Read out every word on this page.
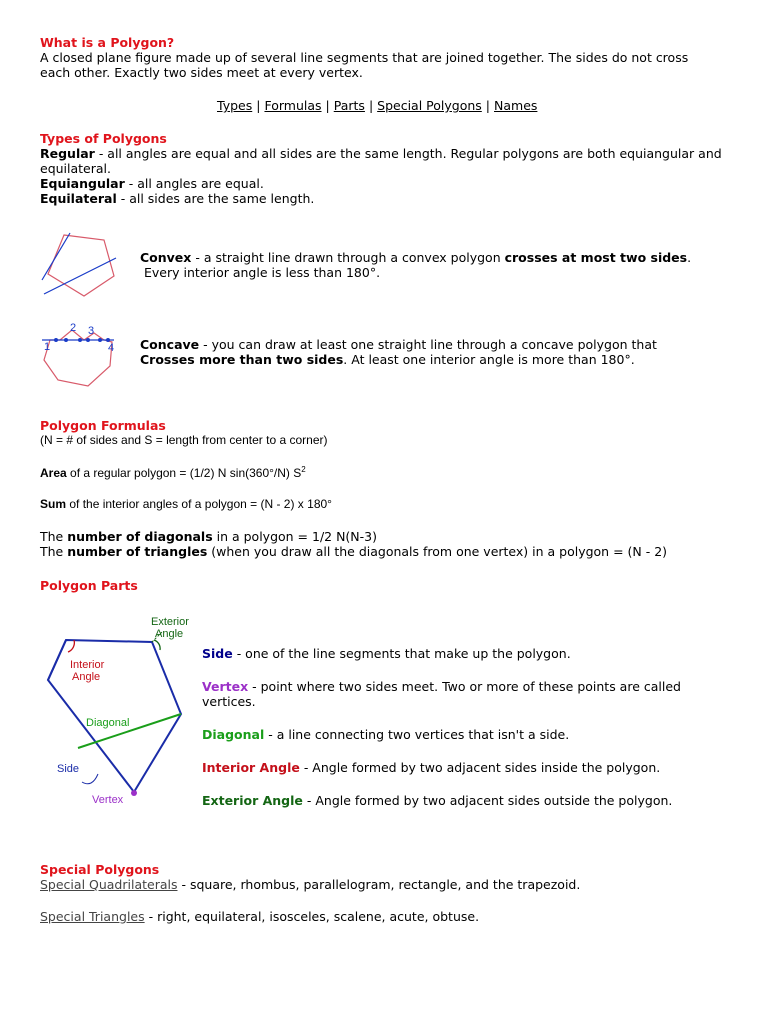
What is a Polygon?
A closed plane figure made up of several line segments that are joined together. The sides do not cross
each other. Exactly two sides meet at every vertex.
Types | Formulas | Parts | Special Polygons | Names
Types of Polygons
Regular - all angles are equal and all sides are the same length. Regular polygons are both equiangular and
equilateral.
Equiangular - all angles are equal.
Equilateral - all sides are the same length.
Convex - a straight line drawn through a convex polygon crosses at most two sides.
Every interior angle is less than 180°.
1
2 3
4 Concave - you can draw at least one straight line through a concave polygon that
Crosses more than two sides. At least one interior angle is more than 180°.
Polygon Formulas
(N = # of sides and S = length from center to a corner)
Area of a regular polygon = (1/2) N sin(360°/N) $S^2$
Sum of the interior angles of a polygon = (N - 2) x 180°
The number of diagonals in a polygon = 1/2 N(N-3)
The number of triangles (when you draw all the diagonals from one vertex) in a polygon = (N - 2)
Polygon Parts
Exterior
Angle
Interior
Angle
Diagonal
Side
Vertex
Side - one of the line segments that make up the polygon.
Vertex - point where two sides meet. Two or more of these points are called
vertices.
Diagonal - a line connecting two vertices that isn't a side.
Interior Angle - Angle formed by two adjacent sides inside the polygon.
Exterior Angle - Angle formed by two adjacent sides outside the polygon.
Special Polygons
Special Quadrilaterals - square, rhombus, parallelogram, rectangle, and the trapezoid.
Special Triangles - right, equilateral, isosceles, scalene, acute, obtuse.
